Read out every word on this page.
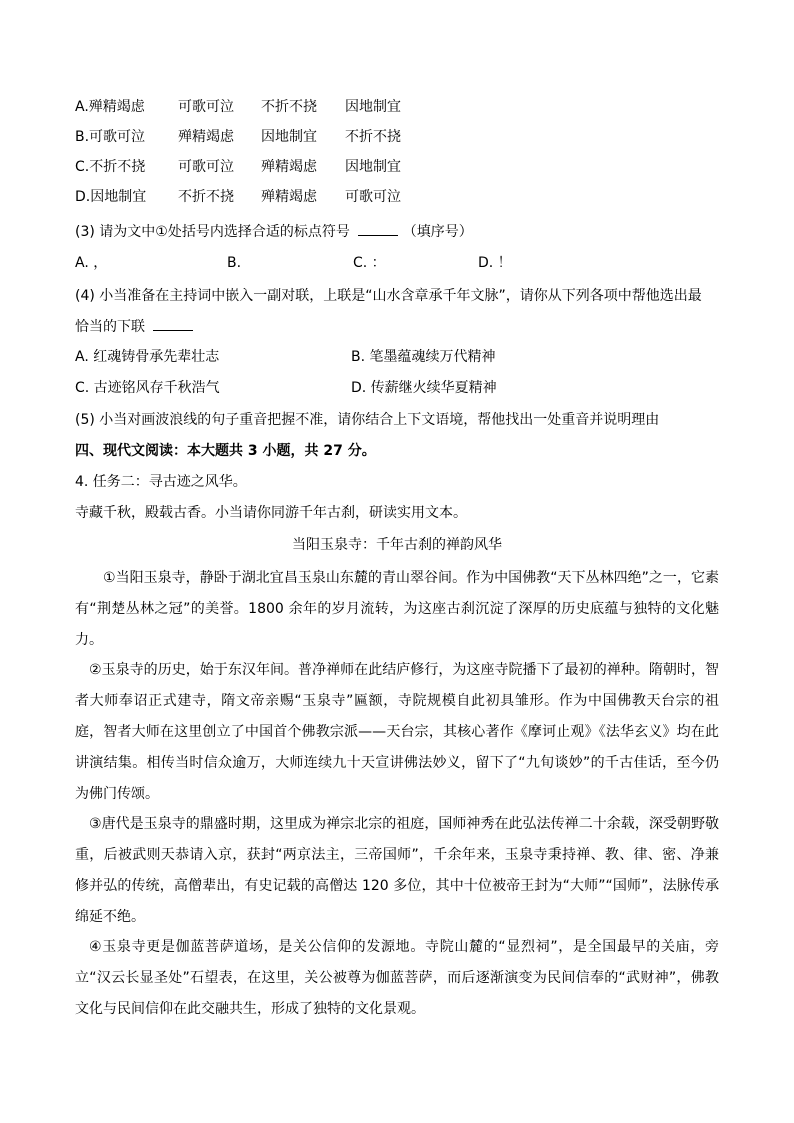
A.殚精竭虑 可歌可泣 不折不挠 因地制宜
B.可歌可泣 殚精竭虑 因地制宜 不折不挠
C.不折不挠 可歌可泣 殚精竭虑 因地制宜
D.因地制宜 不折不挠 殚精竭虑 可歌可泣
(3) 请为文中①处括号内选择合适的标点符号	（填序号）
A. ，	B.	C. ：	D. ！
(4) 小当准备在主持词中嵌入一副对联，上联是“山水含章承千年文脉”，请你从下列各项中帮他选出最
恰当的下联
A. 红魂铸骨承先辈壮志	B. 笔墨蕴魂续万代精神
C. 古迹铭风存千秋浩气	D. 传薪继火续华夏精神
(5) 小当对画波浪线的句子重音把握不准，请你结合上下文语境，帮他找出一处重音并说明理由
四、现代文阅读：本大题共 3 小题，共 27 分。
4. 任务二：寻古迹之风华。
寺藏千秋，殿载古香。小当请你同游千年古刹，研读实用文本。
当阳玉泉寺：千年古刹的禅韵风华
①当阳玉泉寺，静卧于湖北宜昌玉泉山东麓的青山翠谷间。作为中国佛教“天下丛林四绝”之一，它素有“荆楚丛林之冠”的美誉。1800 余年的岁月流转，为这座古刹沉淀了深厚的历史底蕴与独特的文化魅力。
②玉泉寺的历史，始于东汉年间。普净禅师在此结庐修行，为这座寺院播下了最初的禅种。隋朝时，智者大师奉诏正式建寺，隋文帝亲赐“玉泉寺”匾额，寺院规模自此初具雏形。作为中国佛教天台宗的祖庭，智者大师在这里创立了中国首个佛教宗派——天台宗，其核心著作《摩诃止观》《法华玄义》均在此讲演结集。相传当时信众逾万，大师连续九十天宣讲佛法妙义，留下了“九旬谈妙”的千古佳话，至今仍为佛门传颂。
③唐代是玉泉寺的鼎盛时期，这里成为禅宗北宗的祖庭，国师神秀在此弘法传禅二十余载，深受朝野敬重，后被武则天恭请入京，获封“两京法主，三帝国师”，千余年来，玉泉寺秉持禅、教、律、密、净兼修并弘的传统，高僧辈出，有史记载的高僧达 120 多位，其中十位被帝王封为“大师”“国师”，法脉传承绵延不绝。
④玉泉寺更是伽蓝菩萨道场，是关公信仰的发源地。寺院山麓的“显烈祠”，是全国最早的关庙，旁立“汉云长显圣处”石望表，在这里，关公被尊为伽蓝菩萨，而后逐渐演变为民间信奉的“武财神”，佛教文化与民间信仰在此交融共生，形成了独特的文化景观。
